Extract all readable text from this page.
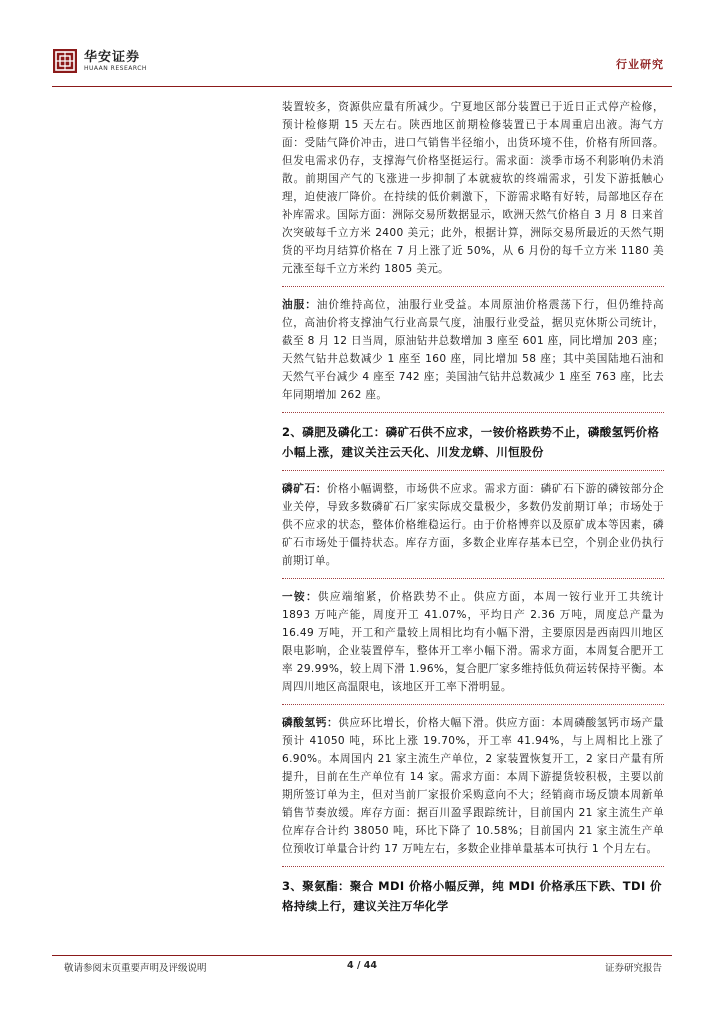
华安证券
HUAAN RESEARCH	行业研究

装置较多，资源供应量有所减少。宁夏地区部分装置已于近日正式停产检修，预计检修期 15 天左右。陕西地区前期检修装置已于本周重启出液。海气方面：受陆气降价冲击，进口气销售半径缩小，出货环境不佳，价格有所回落。但发电需求仍存，支撑海气价格坚挺运行。需求面：淡季市场不利影响仍未消散。前期国产气的飞涨进一步抑制了本就疲软的终端需求，引发下游抵触心理，迫使液厂降价。在持续的低价刺激下，下游需求略有好转，局部地区存在补库需求。国际方面：洲际交易所数据显示，欧洲天然气价格自 3 月 8 日来首次突破每千立方米 2400 美元；此外，根据计算，洲际交易所最近的天然气期货的平均月结算价格在 7 月上涨了近 50%，从 6 月份的每千立方米 1180 美元涨至每千立方米约 1805 美元。

油服：油价维持高位，油服行业受益。本周原油价格震荡下行，但仍维持高位，高油价将支撑油气行业高景气度，油服行业受益，据贝克休斯公司统计，截至 8 月 12 日当周，原油钻井总数增加 3 座至 601 座，同比增加 203 座；天然气钻井总数减少 1 座至 160 座，同比增加 58 座；其中美国陆地石油和天然气平台减少 4 座至 742 座；美国油气钻井总数减少 1 座至 763 座，比去年同期增加 262 座。

2、磷肥及磷化工：磷矿石供不应求，一铵价格跌势不止，磷酸氢钙价格小幅上涨，建议关注云天化、川发龙蟒、川恒股份

磷矿石：价格小幅调整，市场供不应求。需求方面：磷矿石下游的磷铵部分企业关停，导致多数磷矿石厂家实际成交量极少，多数仍发前期订单；市场处于供不应求的状态，整体价格维稳运行。由于价格博弈以及原矿成本等因素，磷矿石市场处于僵持状态。库存方面，多数企业库存基本已空，个别企业仍执行前期订单。

一铵：供应端缩紧，价格跌势不止。供应方面，本周一铵行业开工共统计 1893 万吨产能，周度开工 41.07%，平均日产 2.36 万吨，周度总产量为 16.49 万吨，开工和产量较上周相比均有小幅下滑，主要原因是西南四川地区限电影响，企业装置停车，整体开工率小幅下滑。需求方面，本周复合肥开工率 29.99%，较上周下滑 1.96%，复合肥厂家多维持低负荷运转保持平衡。本周四川地区高温限电，该地区开工率下滑明显。

磷酸氢钙：供应环比增长，价格大幅下滑。供应方面：本周磷酸氢钙市场产量预计 41050 吨，环比上涨 19.70%，开工率 41.94%，与上周相比上涨了 6.90%。本周国内 21 家主流生产单位，2 家装置恢复开工，2 家日产量有所提升，目前在生产单位有 14 家。需求方面：本周下游提货较积极，主要以前期所签订单为主，但对当前厂家报价采购意向不大；经销商市场反馈本周新单销售节奏放缓。库存方面：据百川盈孚跟踪统计，目前国内 21 家主流生产单位库存合计约 38050 吨，环比下降了 10.58%；目前国内 21 家主流生产单位预收订单量合计约 17 万吨左右，多数企业排单量基本可执行 1 个月左右。

3、聚氨酯：聚合 MDI 价格小幅反弹，纯 MDI 价格承压下跌、TDI 价格持续上行，建议关注万华化学
敬请参阅末页重要声明及评级说明	4 / 44	证券研究报告
